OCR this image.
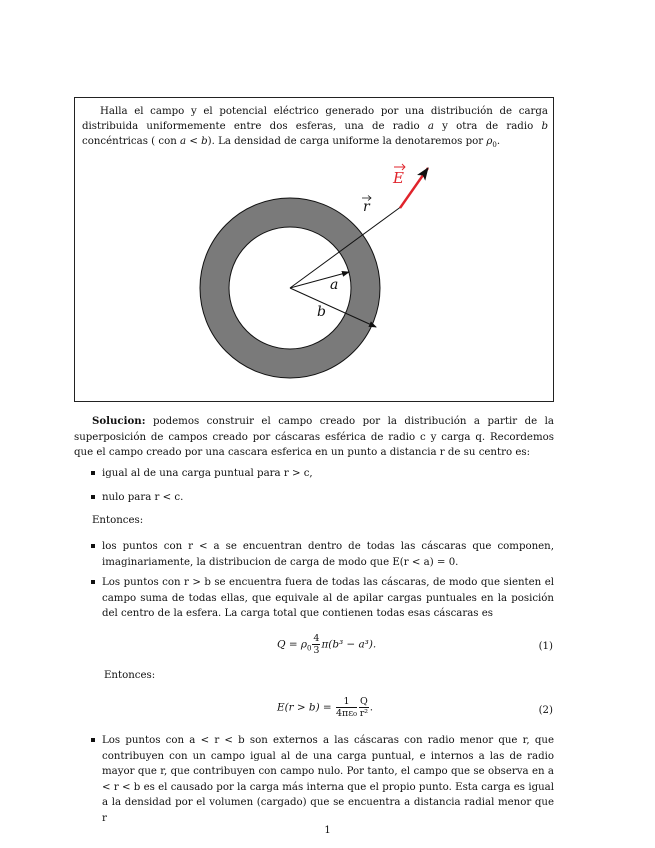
Halla el campo y el potencial eléctrico generado por una distribución de carga distribuida uniformemente entre dos esferas, una de radio a y otra de radio b concéntricas ( con a < b). La densidad de carga uniforme la denotaremos por $\rho_0$.

E
r
a
b

Solucion: podemos construir el campo creado por la distribución a partir de la superposición de campos creado por cáscaras esférica de radio c y carga q. Recordemos que el campo creado por una cascara esferica en un punto a distancia r de su centro es:

igual al de una carga puntual para r > c,

nulo para r < c.

Entonces:

los puntos con r < a se encuentran dentro de todas las cáscaras que componen, imaginariamente, la distribucion de carga de modo que E(r < a) = 0.

Los puntos con r > b se encuentra fuera de todas las cáscaras, de modo que sienten el campo suma de todas ellas, que equivale al de apilar cargas puntuales en la posición del centro de la esfera. La carga total que contienen todas esas cáscaras es

$Q = \rho_0 \frac{4}{3} \pi(b^3 - a^3)$.	(1)

Entonces:

$E(r > b) = \frac{1}{\text{4πε₀}} \frac{Q}{\text{r²}}$ .	(2)

Los puntos con a < r < b son externos a las cáscaras con radio menor que r, que contribuyen con un campo igual al de una carga puntual, e internos a las de radio mayor que r, que contribuyen con campo nulo. Por tanto, el campo que se observa en a < r < b es el causado por la carga más interna que el propio punto. Esta carga es igual a la densidad por el volumen (cargado) que se encuentra a distancia radial menor que r

1
